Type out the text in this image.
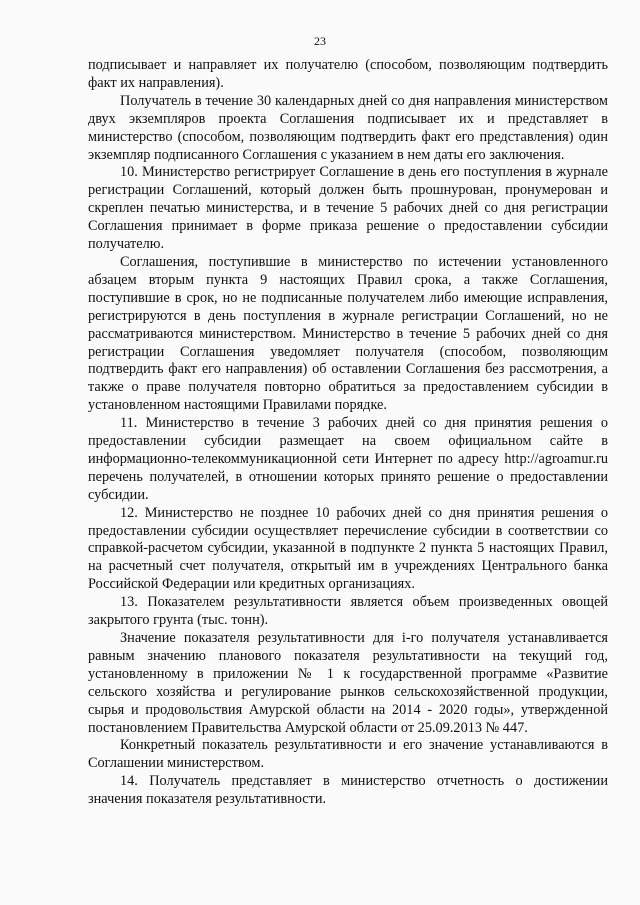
23

подписывает и направляет их получателю (способом, позволяющим подтвердить факт их направления).

Получатель в течение 30 календарных дней со дня направления министерством двух экземпляров проекта Соглашения подписывает их и представляет в министерство (способом, позволяющим подтвердить факт его представления) один экземпляр подписанного Соглашения с указанием в нем даты его заключения.

10. Министерство регистрирует Соглашение в день его поступления в журнале регистрации Соглашений, который должен быть прошнурован, пронумерован и скреплен печатью министерства, и в течение 5 рабочих дней со дня регистрации Соглашения принимает в форме приказа решение о предоставлении субсидии получателю.

Соглашения, поступившие в министерство по истечении установленного абзацем вторым пункта 9 настоящих Правил срока, а также Соглашения, поступившие в срок, но не подписанные получателем либо имеющие исправления, регистрируются в день поступления в журнале регистрации Соглашений, но не рассматриваются министерством. Министерство в течение 5 рабочих дней со дня регистрации Соглашения уведомляет получателя (способом, позволяющим подтвердить факт его направления) об оставлении Соглашения без рассмотрения, а также о праве получателя повторно обратиться за предоставлением субсидии в установленном настоящими Правилами порядке.

11. Министерство в течение 3 рабочих дней со дня принятия решения о предоставлении субсидии размещает на своем официальном сайте в информационно-телекоммуникационной сети Интернет по адресу http://agroamur.ru перечень получателей, в отношении которых принято решение о предоставлении субсидии.

12. Министерство не позднее 10 рабочих дней со дня принятия решения о предоставлении субсидии осуществляет перечисление субсидии в соответствии со справкой-расчетом субсидии, указанной в подпункте 2 пункта 5 настоящих Правил, на расчетный счет получателя, открытый им в учреждениях Центрального банка Российской Федерации или кредитных организациях.

13. Показателем результативности является объем произведенных овощей закрытого грунта (тыс. тонн).

Значение показателя результативности для i-го получателя устанавливается равным значению планового показателя результативности на текущий год, установленному в приложении № 1 к государственной программе «Развитие сельского хозяйства и регулирование рынков сельскохозяйственной продукции, сырья и продовольствия Амурской области на 2014 - 2020 годы», утвержденной постановлением Правительства Амурской области от 25.09.2013 № 447.

Конкретный показатель результативности и его значение устанавливаются в Соглашении министерством.

14. Получатель представляет в министерство отчетность о достижении значения показателя результативности.
